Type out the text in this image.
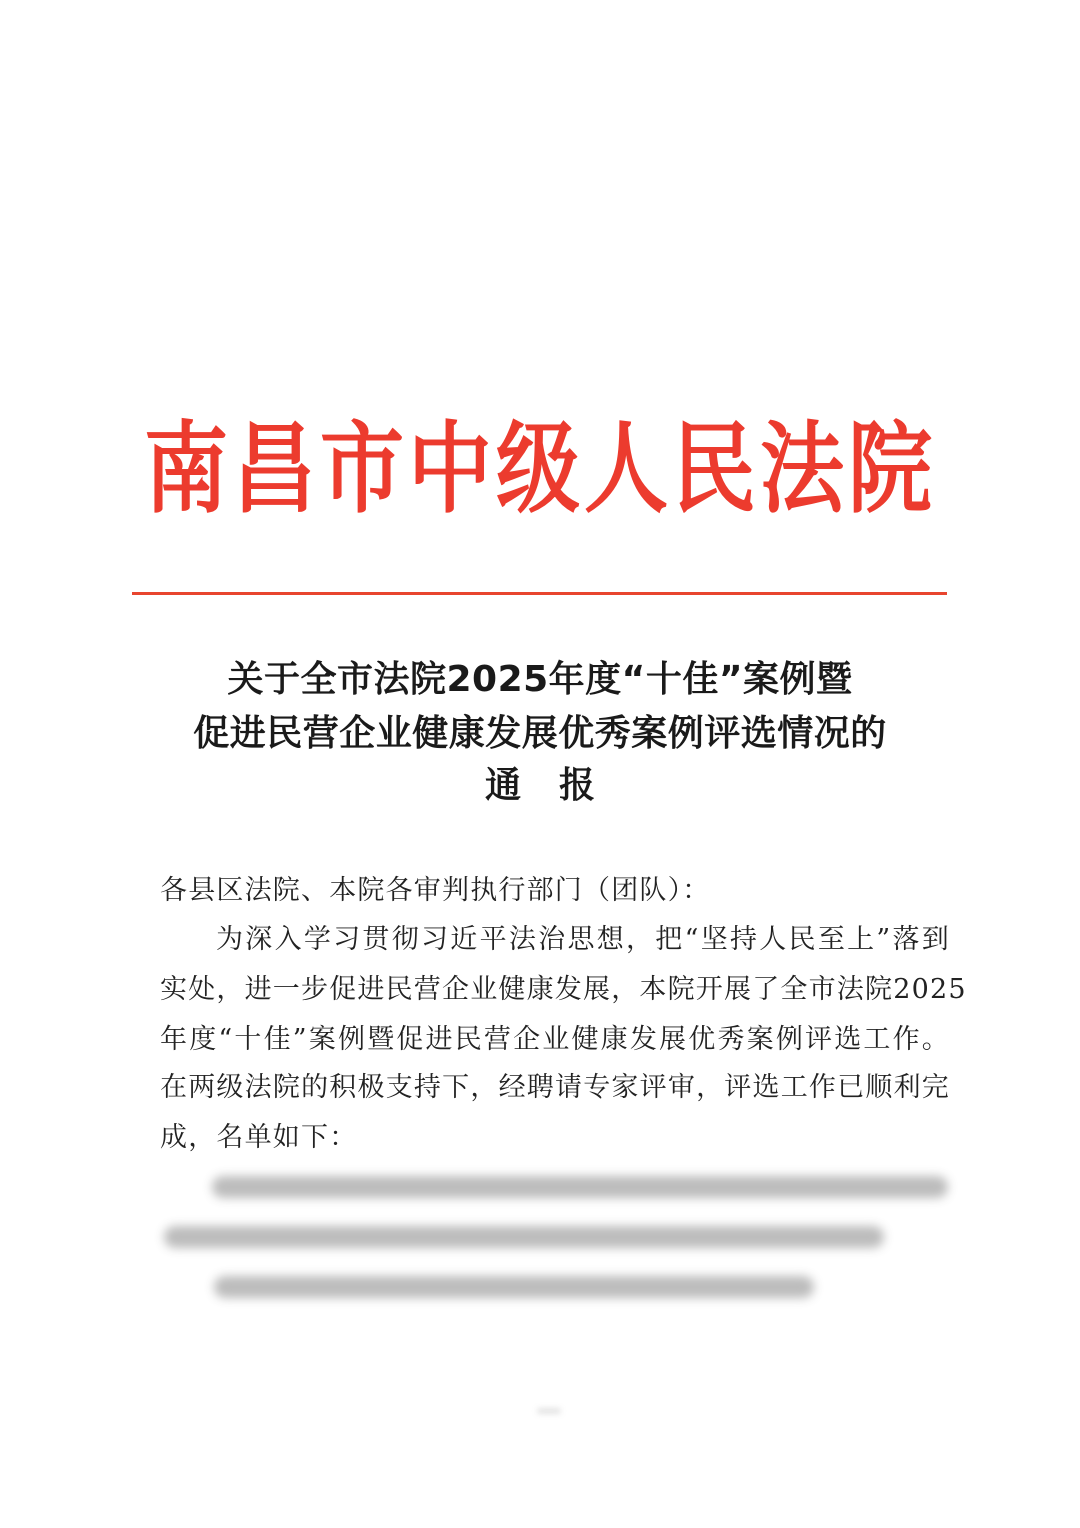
南昌市中级人民法院
关于全市法院2025年度“十佳”案例暨
促进民营企业健康发展优秀案例评选情况的
通报
各县区法院、本院各审判执行部门（团队）：
为深入学习贯彻习近平法治思想，把“坚持人民至上”落到
实处，进一步促进民营企业健康发展，本院开展了全市法院2025
年度“十佳”案例暨促进民营企业健康发展优秀案例评选工作。
在两级法院的积极支持下，经聘请专家评审，评选工作已顺利完
成，名单如下：
